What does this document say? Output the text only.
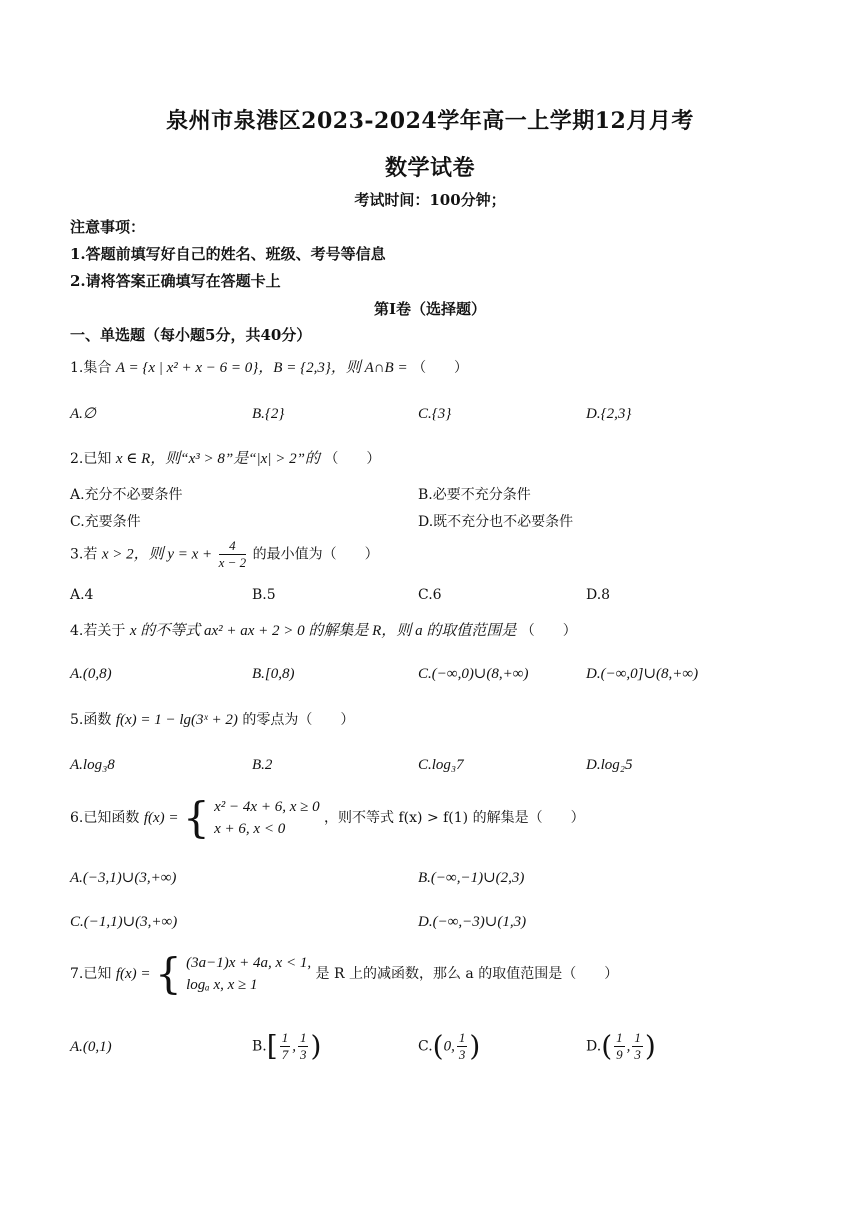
泉州市泉港区2023-2024学年高一上学期12月月考
数学试卷
考试时间：100分钟；
注意事项：
1.答题前填写好自己的姓名、班级、考号等信息
2.请将答案正确填写在答题卡上
第Ⅰ卷（选择题）
一、单选题（每小题5分，共40分）
1.集合 A = {x | x² + x − 6 = 0}，B = {2,3}，则 A∩B = （　　）
A.∅	B.{2}	C.{3}	D.{2,3}
2.已知 x ∈ R，则“x³ > 8”是“|x| > 2”的 （　　）
A.充分不必要条件	B.必要不充分条件
C.充要条件	D.既不充分也不必要条件
3.若 x > 2，则 $y = x + \frac{4}{x - 2}$ 的最小值为（　　）
A.4	B.5	C.6	D.8
4.若关于 x 的不等式 ax² + ax + 2 > 0 的解集是 R，则 a 的取值范围是 （　　）
A.(0,8)	B.[0,8)	C.(−∞,0)∪(8,+∞)	D.(−∞,0]∪(8,+∞)
5.函数 f(x) = 1 − lg(3ˣ + 2) 的零点为（　　）
A.log₃8	B.2	C.log₃7	D.log₂5
6.已知函数 f(x) = { x² − 4x + 6, x ≥ 0
x + 6, x < 0
，则不等式 f(x) > f(1) 的解集是（　　）
A.(−3,1)∪(3,+∞)	B.(−∞,−1)∪(2,3)
C.(−1,1)∪(3,+∞)	D.(−∞,−3)∪(1,3)
7.已知 f(x) = { (3a−1)x + 4a, x < 1,
logₐ x, x ≥ 1
是 R 上的减函数，那么 a 的取值范围是（　　）
A.(0,1)	$B.[ \frac{1}{7}$ , $\frac{1}{3}$ )	C.(0, $\frac{1}{3}$ )	$D.( \frac{1}{9}$ , $\frac{1}{3}$ )
